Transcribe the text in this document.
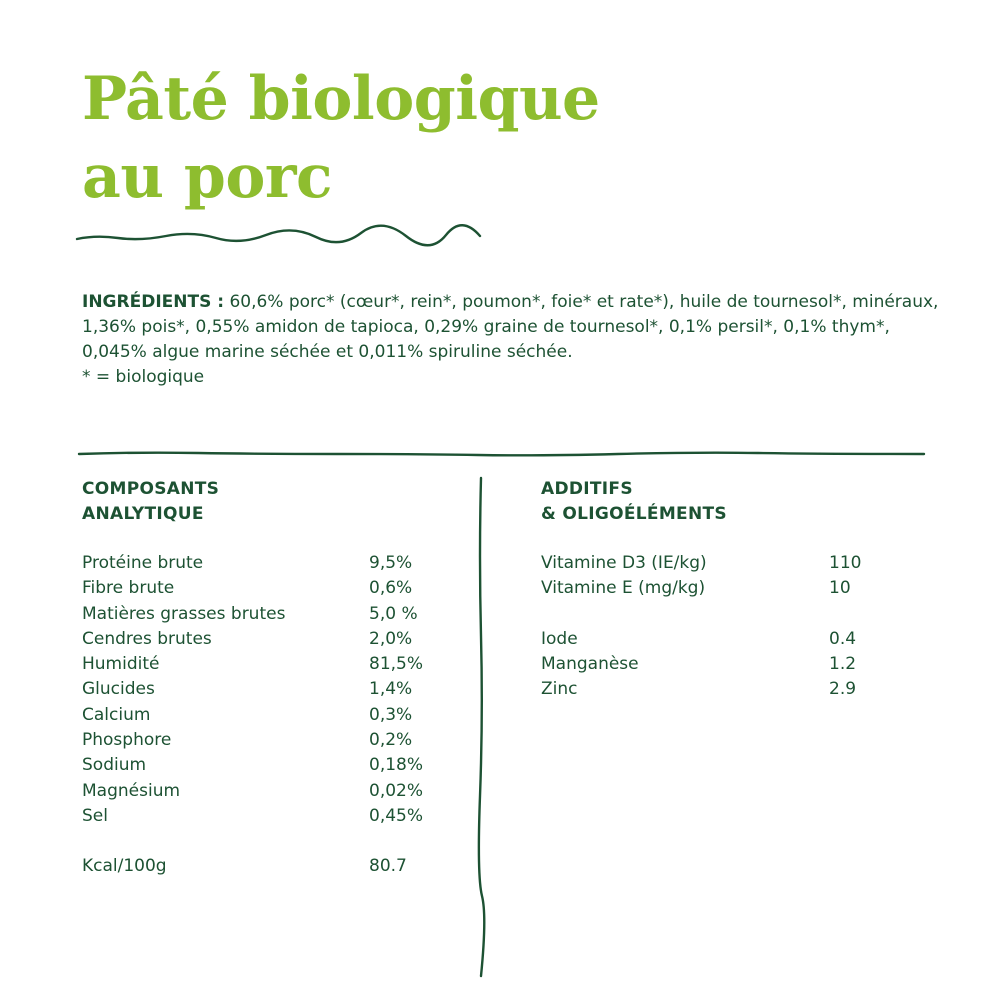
Pâté biologique
au porc

INGRÉDIENTS : 60,6% porc* (cœur*, rein*, poumon*, foie* et rate*), huile de tournesol*, minéraux, 1,36% pois*, 0,55% amidon de tapioca, 0,29% graine de tournesol*, 0,1% persil*, 0,1% thym*, 0,045% algue marine séchée et 0,011% spiruline séchée.

* = biologique

COMPOSANTS
ANALYTIQUE
Protéine brute	9,5%
Fibre brute	0,6%
Matières grasses brutes	5,0 %
Cendres brutes	2,0%
Humidité	81,5%
Glucides	1,4%
Calcium	0,3%
Phosphore	0,2%
Sodium	0,18%
Magnésium	0,02%
Sel	0,45%
Kcal/100g	80.7
ADDITIFS
& OLIGOÉLÉMENTS
Vitamine D3 (IE/kg)	110
Vitamine E (mg/kg)	10
Iode	0.4
Manganèse	1.2
Zinc	2.9
